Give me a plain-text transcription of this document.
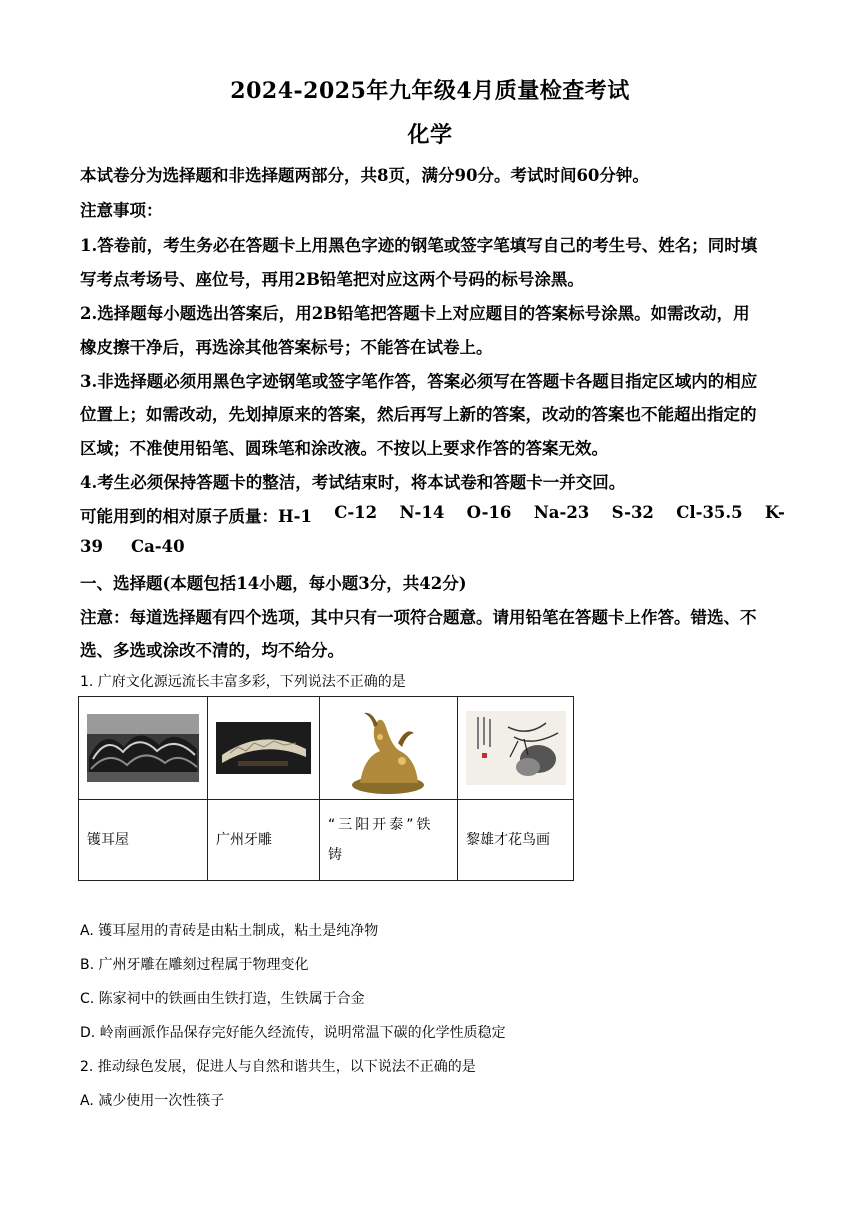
2024-2025年九年级4月质量检查考试
化学
本试卷分为选择题和非选择题两部分，共8页，满分90分。考试时间60分钟。
注意事项：
1.答卷前，考生务必在答题卡上用黑色字迹的钢笔或签字笔填写自己的考生号、姓名；同时填
写考点考场号、座位号，再用2B铅笔把对应这两个号码的标号涂黑。
2.选择题每小题选出答案后，用2B铅笔把答题卡上对应题目的答案标号涂黑。如需改动，用
橡皮擦干净后，再选涂其他答案标号；不能答在试卷上。
3.非选择题必须用黑色字迹钢笔或签字笔作答，答案必须写在答题卡各题目指定区域内的相应
位置上；如需改动，先划掉原来的答案，然后再写上新的答案，改动的答案也不能超出指定的
区域；不准使用铅笔、圆珠笔和涂改液。不按以上要求作答的答案无效。
4.考生必须保持答题卡的整洁，考试结束时，将本试卷和答题卡一并交回。
可能用到的相对原子质量：H-1 C-12 N-14 O-16 Na-23 S-32 Cl-35.5 K-
39 Ca-40
一、选择题(本题包括14小题，每小题3分，共42分)
注意：每道选择题有四个选项，其中只有一项符合题意。请用铅笔在答题卡上作答。错选、不
选、多选或涂改不清的，均不给分。
1. 广府文化源远流长丰富多彩，下列说法不正确的是

镬耳屋	广州牙雕	“三阳开泰”铁
铸	黎雄才花鸟画
A. 镬耳屋用的青砖是由粘土制成，粘土是纯净物
B. 广州牙雕在雕刻过程属于物理变化
C. 陈家祠中的铁画由生铁打造，生铁属于合金
D. 岭南画派作品保存完好能久经流传，说明常温下碳的化学性质稳定
2. 推动绿色发展，促进人与自然和谐共生，以下说法不正确的是
A. 减少使用一次性筷子
